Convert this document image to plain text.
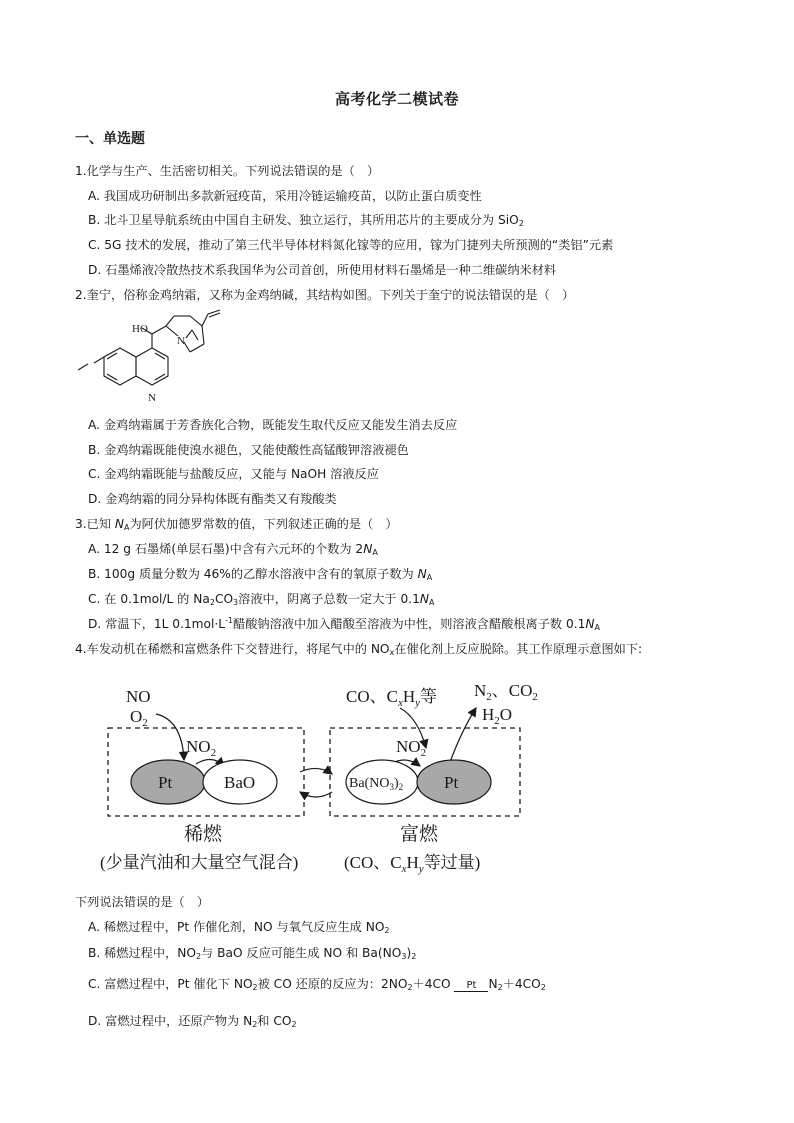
高考化学二模试卷
一、单选题
1.化学与生产、生活密切相关。下列说法错误的是（　）
A. 我国成功研制出多款新冠疫苗，采用冷链运输疫苗，以防止蛋白质变性
B. 北斗卫星导航系统由中国自主研发、独立运行，其所用芯片的主要成分为 SiO$_2$
C. 5G 技术的发展，推动了第三代半导体材料氮化镓等的应用，镓为门捷列夫所预测的“类铝”元素
D. 石墨烯液冷散热技术系我国华为公司首创，所使用材料石墨烯是一种二维碳纳米材料
2.奎宁，俗称金鸡纳霜，又称为金鸡纳碱，其结构如图。下列关于奎宁的说法错误的是（　）
HO
N
N
A. 金鸡纳霜属于芳香族化合物，既能发生取代反应又能发生消去反应
B. 金鸡纳霜既能使溴水褪色，又能使酸性高锰酸钾溶液褪色
C. 金鸡纳霜既能与盐酸反应，又能与 NaOH 溶液反应
D. 金鸡纳霜的同分异构体既有酯类又有羧酸类
3.已知 $N_A$为阿伏加德罗常数的值，下列叙述正确的是（　）
A. 12 g 石墨烯(单层石墨)中含有六元环的个数为 $2N_A$
B. 100g 质量分数为 46%的乙醇水溶液中含有的氧原子数为 $N_A$
C. 在 0.1mol/L 的 $Na_2CO_3$溶液中，阴离子总数一定大于 $0.1N_A$
D. 常温下，1L $0.1mol\cdot L^{-1}$醋酸钠溶液中加入醋酸至溶液为中性，则溶液含醋酸根离子数 $0.1N_A$
4.车发动机在稀燃和富燃条件下交替进行，将尾气中的 $NO_x$在催化剂上反应脱除。其工作原理示意图如下:
NO
$O_2$
$NO_2$
Pt	BaO
CO、$C_xH_y$等 $N_2$、$CO_2$
$H_2O$
$NO_2$
$Ba(NO_3)_2$ Pt
稀燃	富燃
(少量汽油和大量空气混合)	(CO、$C_xH_y$等过量)
下列说法错误的是（　）
A. 稀燃过程中，Pt 作催化剂，NO 与氧气反应生成 $NO_2$
B. 稀燃过程中，$NO_2$与 BaO 反应可能生成 NO 和 $Ba(NO_3)_2$
C. 富燃过程中，Pt 催化下 $NO_2$被 CO 还原的反应为：$2NO_2+4CO$	Pt $N_2+4CO_2$
D. 富燃过程中，还原产物为 $N_2$和 $CO_2$
